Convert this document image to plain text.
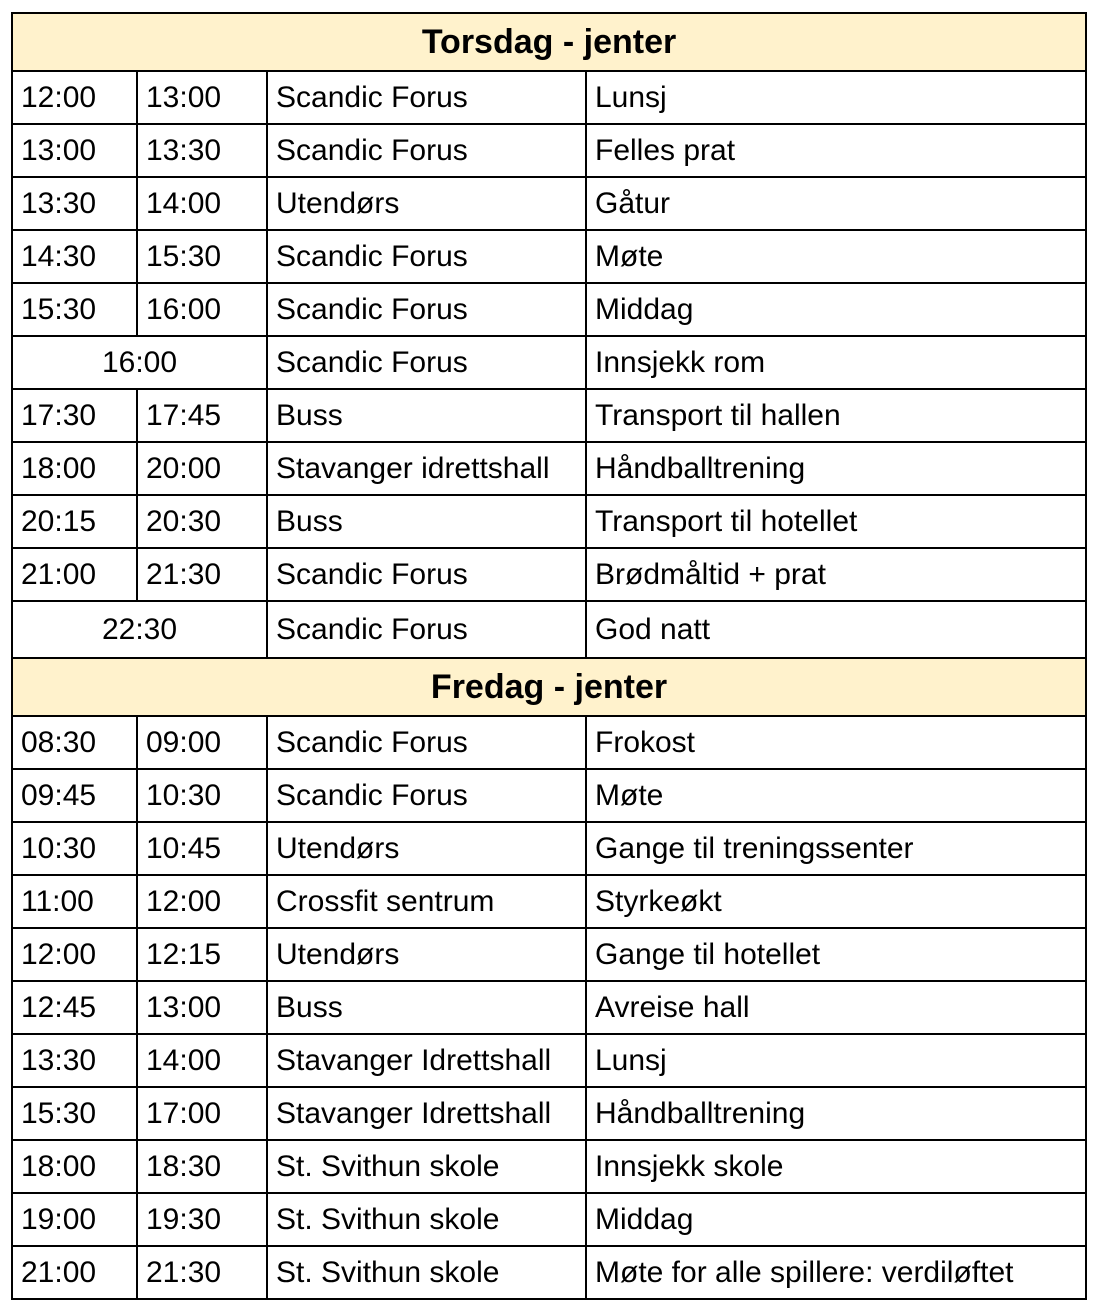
Torsdag - jenter			
12:00	13:00	Scandic Forus	Lunsj
13:00	13:30	Scandic Forus	Felles prat
13:30	14:00	Utendørs	Gåtur
14:30	15:30	Scandic Forus	Møte
15:30	16:00	Scandic Forus	Middag
16:00		Scandic Forus	Innsjekk rom
17:30	17:45	Buss	Transport til hallen
18:00	20:00	Stavanger idrettshall	Håndballtrening
20:15	20:30	Buss	Transport til hotellet
21:00	21:30	Scandic Forus	Brødmåltid + prat
22:30		Scandic Forus	God natt
Fredag - jenter			
08:30	09:00	Scandic Forus	Frokost
09:45	10:30	Scandic Forus	Møte
10:30	10:45	Utendørs	Gange til treningssenter
11:00	12:00	Crossfit sentrum	Styrkeøkt
12:00	12:15	Utendørs	Gange til hotellet
12:45	13:00	Buss	Avreise hall
13:30	14:00	Stavanger Idrettshall	Lunsj
15:30	17:00	Stavanger Idrettshall	Håndballtrening
18:00	18:30	St. Svithun skole	Innsjekk skole
19:00	19:30	St. Svithun skole	Middag
21:00	21:30	St. Svithun skole	Møte for alle spillere: verdiløftet
